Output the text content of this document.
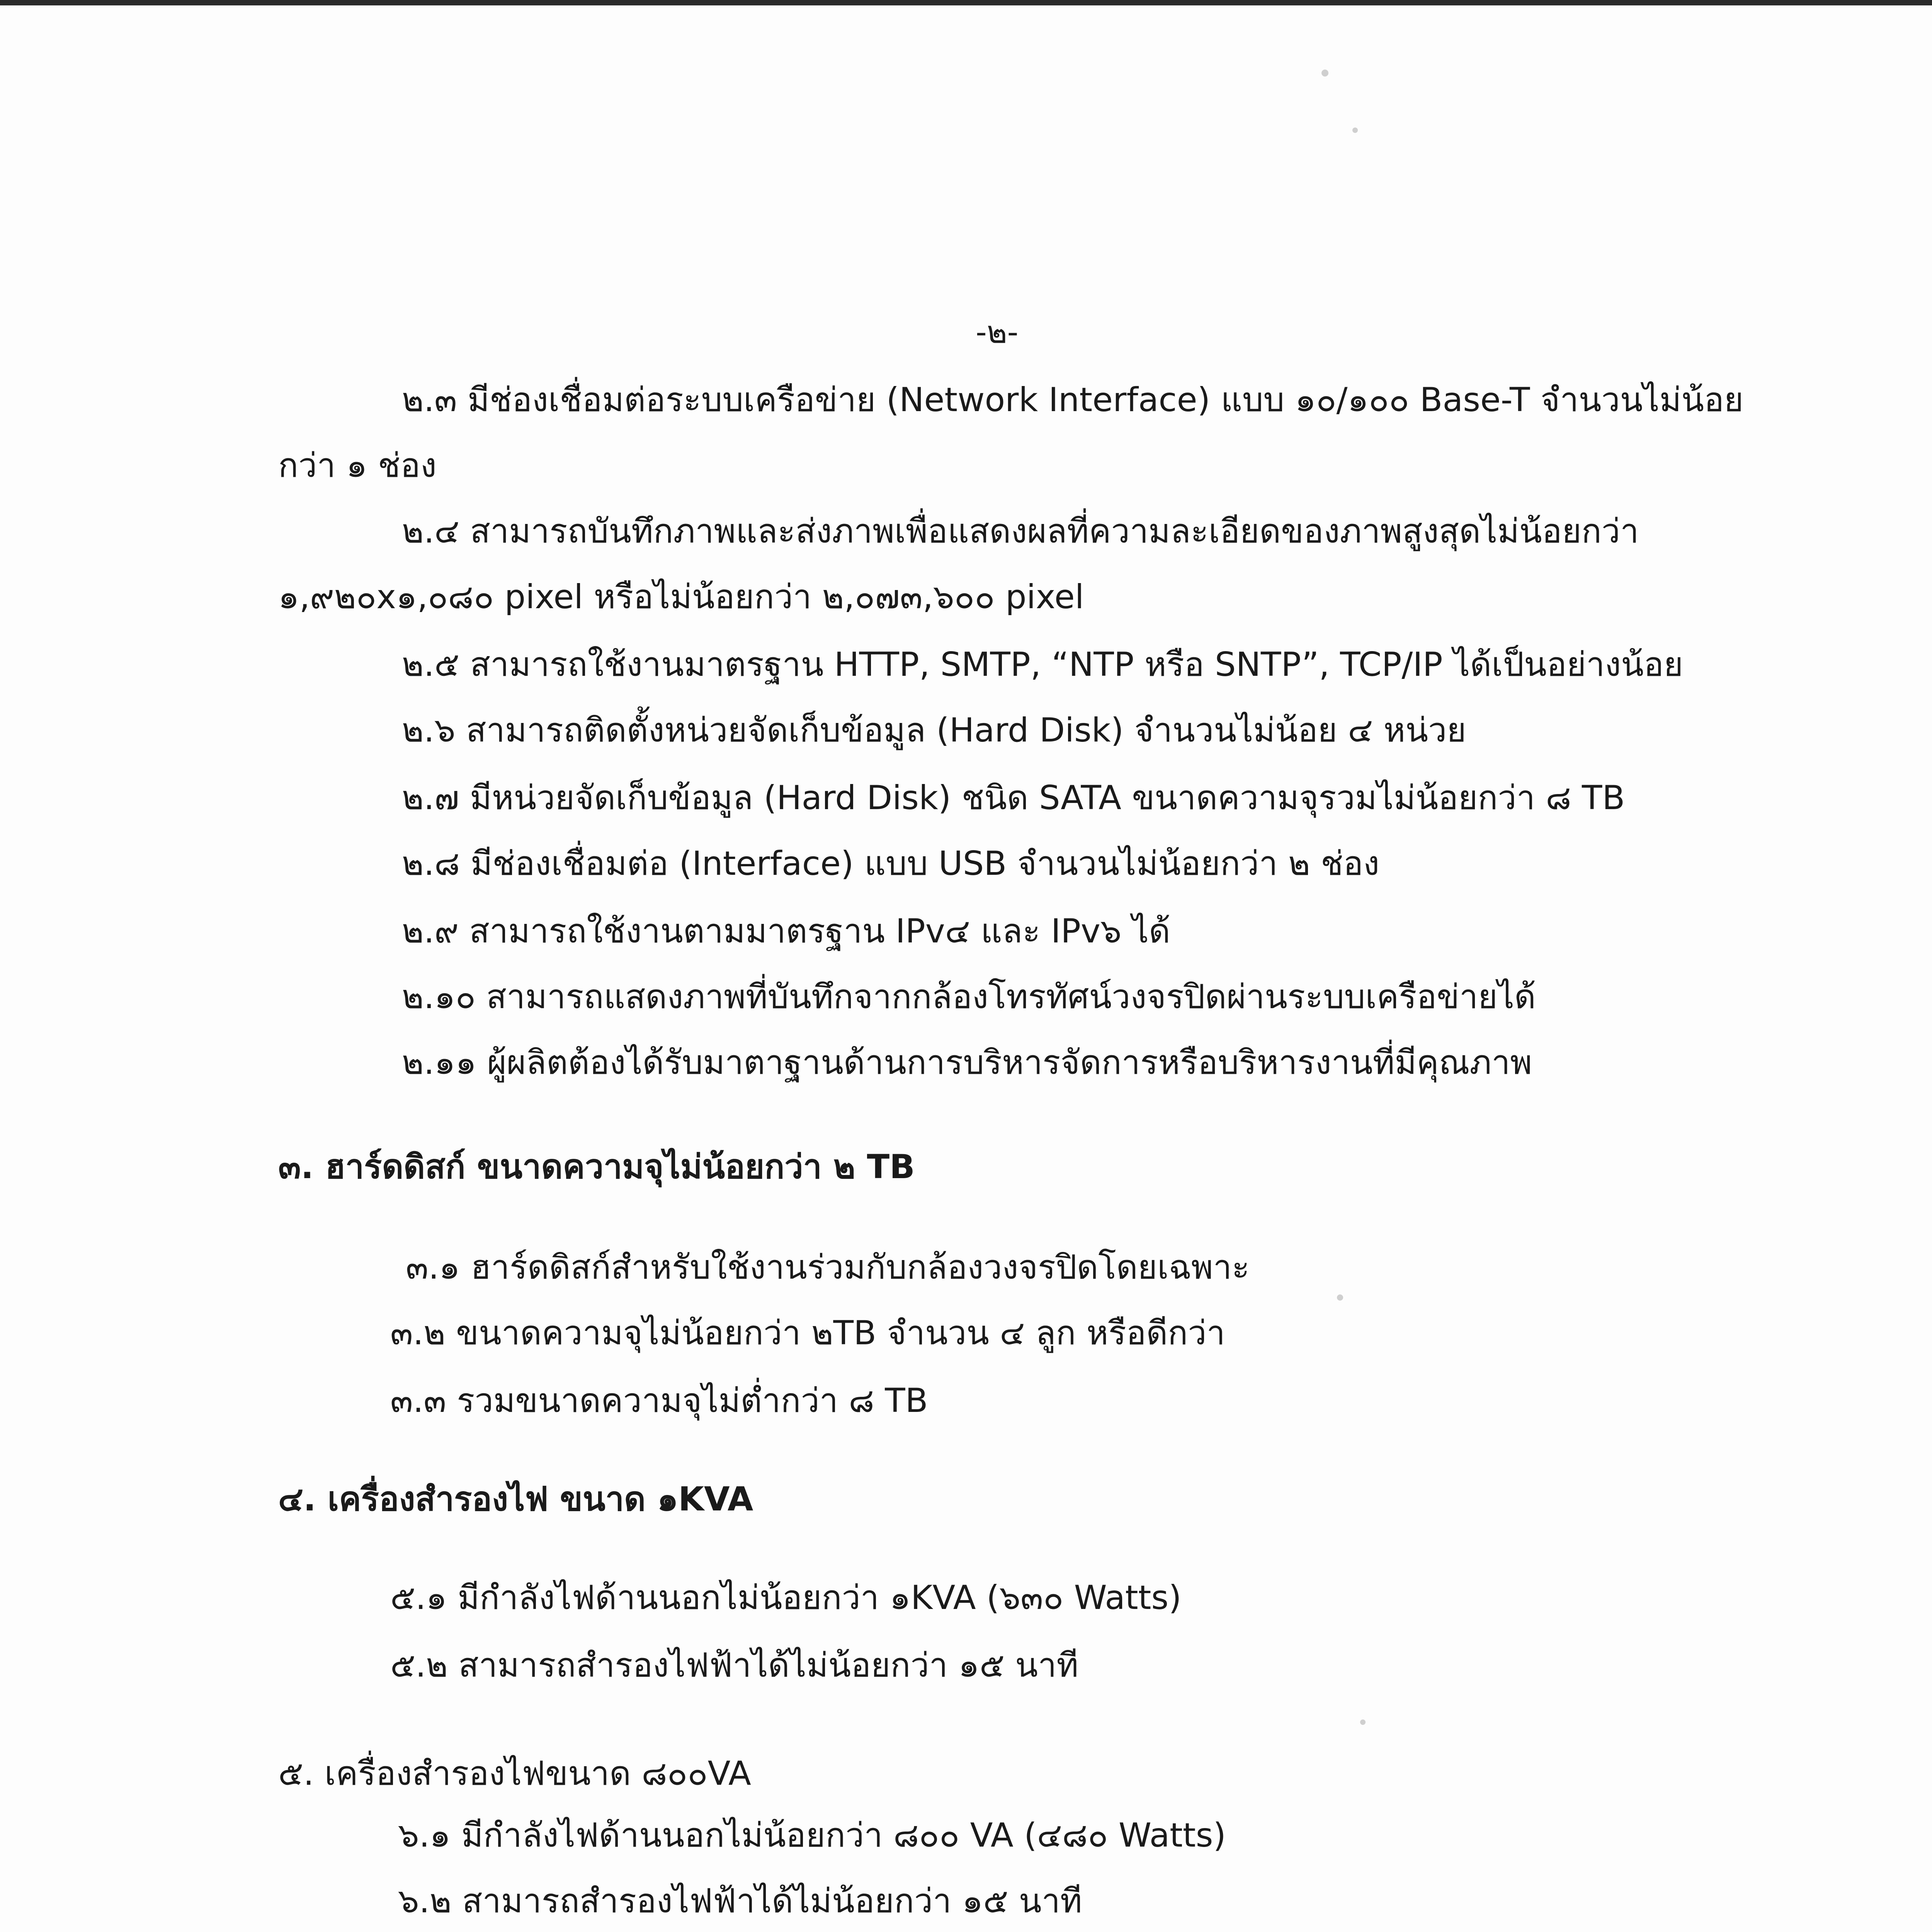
-๒-
๒.๓ มีช่องเชื่อมต่อระบบเครือข่าย (Network Interface) แบบ ๑๐/๑๐๐ Base-T จำนวนไม่น้อย
กว่า ๑ ช่อง
๒.๔ สามารถบันทึกภาพและส่งภาพเพื่อแสดงผลที่ความละเอียดของภาพสูงสุดไม่น้อยกว่า
๑,๙๒๐x๑,๐๘๐ pixel หรือไม่น้อยกว่า ๒,๐๗๓,๖๐๐ pixel
๒.๕ สามารถใช้งานมาตรฐาน HTTP, SMTP, “NTP หรือ SNTP”, TCP/IP ได้เป็นอย่างน้อย
๒.๖ สามารถติดตั้งหน่วยจัดเก็บข้อมูล (Hard Disk) จำนวนไม่น้อย ๔ หน่วย
๒.๗ มีหน่วยจัดเก็บข้อมูล (Hard Disk) ชนิด SATA ขนาดความจุรวมไม่น้อยกว่า ๘ TB
๒.๘ มีช่องเชื่อมต่อ (Interface) แบบ USB จำนวนไม่น้อยกว่า ๒ ช่อง
๒.๙ สามารถใช้งานตามมาตรฐาน IPv๔ และ IPv๖ ได้
๒.๑๐ สามารถแสดงภาพที่บันทึกจากกล้องโทรทัศน์วงจรปิดผ่านระบบเครือข่ายได้
๒.๑๑ ผู้ผลิตต้องได้รับมาตาฐานด้านการบริหารจัดการหรือบริหารงานที่มีคุณภาพ
๓. ฮาร์ดดิสก์ ขนาดความจุไม่น้อยกว่า ๒ TB
๓.๑ ฮาร์ดดิสก์สำหรับใช้งานร่วมกับกล้องวงจรปิดโดยเฉพาะ
๓.๒ ขนาดความจุไม่น้อยกว่า ๒TB จำนวน ๔ ลูก หรือดีกว่า
๓.๓ รวมขนาดความจุไม่ต่ำกว่า ๘ TB
๔. เครื่องสำรองไฟ ขนาด ๑KVA
๕.๑ มีกำลังไฟด้านนอกไม่น้อยกว่า ๑KVA (๖๓๐ Watts)
๕.๒ สามารถสำรองไฟฟ้าได้ไม่น้อยกว่า ๑๕ นาที
๕. เครื่องสำรองไฟขนาด ๘๐๐VA
๖.๑ มีกำลังไฟด้านนอกไม่น้อยกว่า ๘๐๐ VA (๔๘๐ Watts)
๖.๒ สามารถสำรองไฟฟ้าได้ไม่น้อยกว่า ๑๕ นาที
